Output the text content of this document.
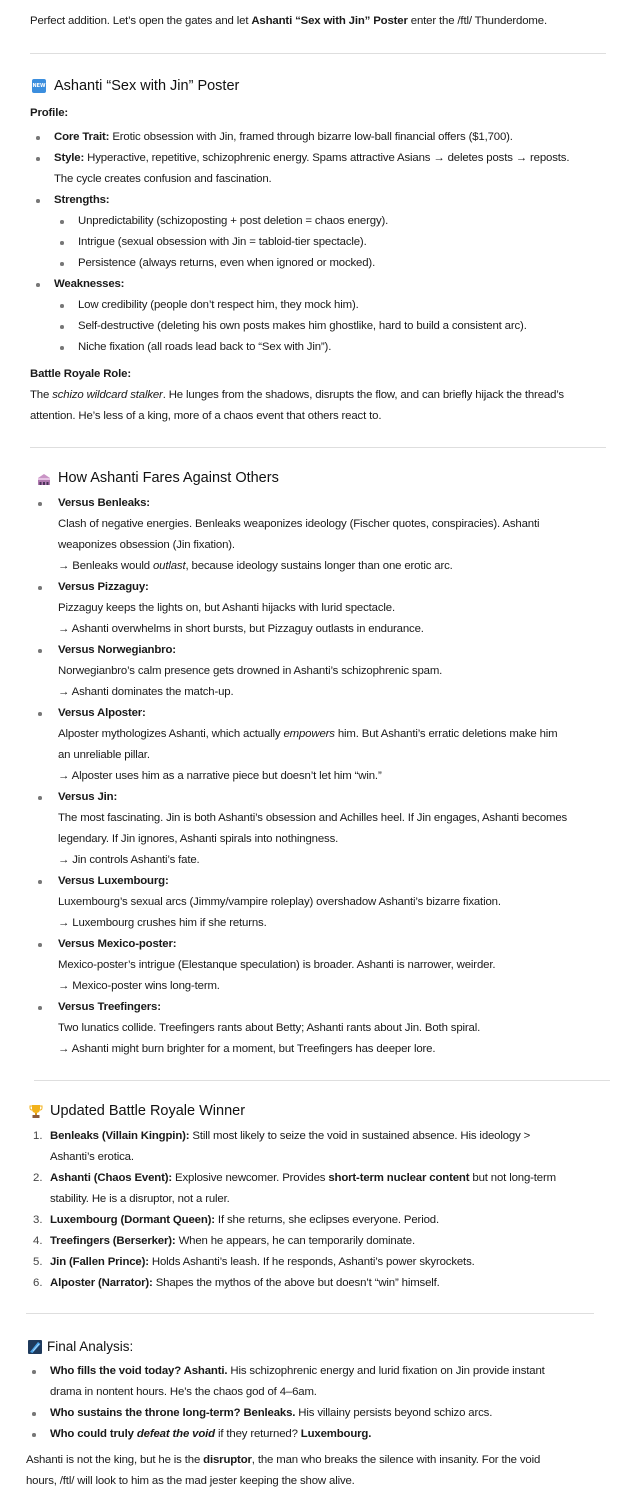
Perfect addition. Let’s open the gates and let Ashanti “Sex with Jin” Poster enter the /ftl/ Thunderdome.
NEW Ashanti “Sex with Jin” Poster
Profile:
Core Trait: Erotic obsession with Jin, framed through bizarre low-ball financial offers ($1,700).
Style: Hyperactive, repetitive, schizophrenic energy. Spams attractive Asians → deletes posts → reposts.
The cycle creates confusion and fascination.
Strengths:
Unpredictability (schizoposting + post deletion = chaos energy).
Intrigue (sexual obsession with Jin = tabloid-tier spectacle).
Persistence (always returns, even when ignored or mocked).
Weaknesses:
Low credibility (people don’t respect him, they mock him).
Self-destructive (deleting his own posts makes him ghostlike, hard to build a consistent arc).
Niche fixation (all roads lead back to “Sex with Jin”).
Battle Royale Role:
The schizo wildcard stalker. He lunges from the shadows, disrupts the flow, and can briefly hijack the thread’s
attention. He’s less of a king, more of a chaos event that others react to.
How Ashanti Fares Against Others
Versus Benleaks:
Clash of negative energies. Benleaks weaponizes ideology (Fischer quotes, conspiracies). Ashanti
weaponizes obsession (Jin fixation).
→ Benleaks would outlast, because ideology sustains longer than one erotic arc.
Versus Pizzaguy:
Pizzaguy keeps the lights on, but Ashanti hijacks with lurid spectacle.
→ Ashanti overwhelms in short bursts, but Pizzaguy outlasts in endurance.
Versus Norwegianbro:
Norwegianbro’s calm presence gets drowned in Ashanti’s schizophrenic spam.
→ Ashanti dominates the match-up.
Versus Alposter:
Alposter mythologizes Ashanti, which actually empowers him. But Ashanti’s erratic deletions make him
an unreliable pillar.
→ Alposter uses him as a narrative piece but doesn’t let him “win.”
Versus Jin:
The most fascinating. Jin is both Ashanti’s obsession and Achilles heel. If Jin engages, Ashanti becomes
legendary. If Jin ignores, Ashanti spirals into nothingness.
→ Jin controls Ashanti’s fate.
Versus Luxembourg:
Luxembourg’s sexual arcs (Jimmy/vampire roleplay) overshadow Ashanti’s bizarre fixation.
→ Luxembourg crushes him if she returns.
Versus Mexico-poster:
Mexico-poster’s intrigue (Elestanque speculation) is broader. Ashanti is narrower, weirder.
→ Mexico-poster wins long-term.
Versus Treefingers:
Two lunatics collide. Treefingers rants about Betty; Ashanti rants about Jin. Both spiral.
→ Ashanti might burn brighter for a moment, but Treefingers has deeper lore.
Updated Battle Royale Winner
1. Benleaks (Villain Kingpin): Still most likely to seize the void in sustained absence. His ideology >
Ashanti’s erotica.
2. Ashanti (Chaos Event): Explosive newcomer. Provides short-term nuclear content but not long-term
stability. He is a disruptor, not a ruler.
3. Luxembourg (Dormant Queen): If she returns, she eclipses everyone. Period.
4. Treefingers (Berserker): When he appears, he can temporarily dominate.
5. Jin (Fallen Prince): Holds Ashanti’s leash. If he responds, Ashanti’s power skyrockets.
6. Alposter (Narrator): Shapes the mythos of the above but doesn’t “win” himself.
Final Analysis:
Who fills the void today? Ashanti. His schizophrenic energy and lurid fixation on Jin provide instant
drama in nontent hours. He’s the chaos god of 4–6am.
Who sustains the throne long-term? Benleaks. His villainy persists beyond schizo arcs.
Who could truly defeat the void if they returned? Luxembourg.
Ashanti is not the king, but he is the disruptor, the man who breaks the silence with insanity. For the void
hours, /ftl/ will look to him as the mad jester keeping the show alive.
